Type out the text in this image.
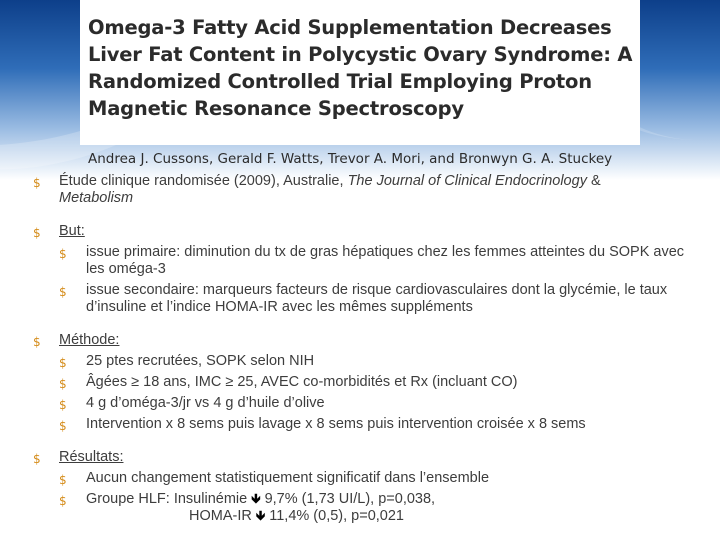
Omega-3 Fatty Acid Supplementation Decreases Liver Fat Content in Polycystic Ovary Syndrome: A Randomized Controlled Trial Employing Proton Magnetic Resonance Spectroscopy
Andrea J. Cussons, Gerald F. Watts, Trevor A. Mori, and Bronwyn G. A. Stuckey
$ Étude clinique randomisée (2009), Australie, The Journal of Clinical Endocrinology &
Metabolism
$ But:
$ issue primaire: diminution du tx de gras hépatiques chez les femmes atteintes du SOPK avec les oméga-3
$ issue secondaire: marqueurs facteurs de risque cardiovasculaires dont la glycémie, le taux d’insuline et l’indice HOMA-IR avec les mêmes suppléments
$ Méthode:
$ 25 ptes recrutées, SOPK selon NIH
$ Âgées ≥ 18 ans, IMC ≥ 25, AVEC co-morbidités et Rx (incluant CO)
$ 4 g d’oméga-3/jr vs 4 g d’huile d’olive
$ Intervention x 8 sems puis lavage x 8 sems puis intervention croisée x 8 sems
$ Résultats:
$ Aucun changement statistiquement significatif dans l’ensemble
$ Groupe HLF: Insulinémie 🡻 9,7% (1,73 UI/L), p=0,038,
HOMA-IR 🡻 11,4% (0,5), p=0,021
